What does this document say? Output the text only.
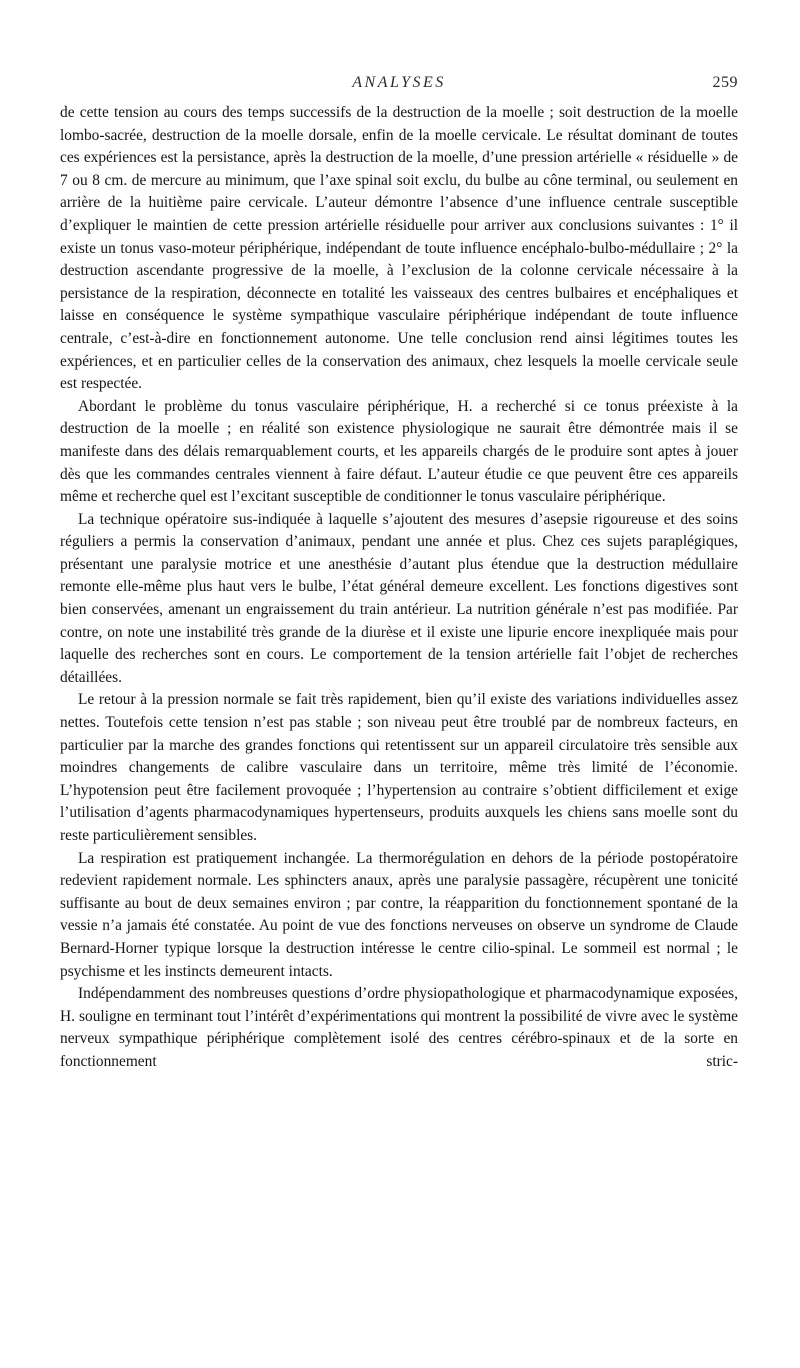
ANALYSES	259

de cette tension au cours des temps successifs de la destruction de la moelle ; soit destruction de la moelle lombo-sacrée, destruction de la moelle dorsale, enfin de la moelle cervicale. Le résultat dominant de toutes ces expériences est la persistance, après la destruction de la moelle, d’une pression artérielle « résiduelle » de 7 ou 8 cm. de mercure au minimum, que l’axe spinal soit exclu, du bulbe au cône terminal, ou seulement en arrière de la huitième paire cervicale. L’auteur démontre l’absence d’une influence centrale susceptible d’expliquer le maintien de cette pression artérielle résiduelle pour arriver aux conclusions suivantes : 1° il existe un tonus vaso-moteur périphérique, indépendant de toute influence encéphalo-bulbo-médullaire ; 2° la destruction ascendante progressive de la moelle, à l’exclusion de la colonne cervicale nécessaire à la persistance de la respiration, déconnecte en totalité les vaisseaux des centres bulbaires et encéphaliques et laisse en conséquence le système sympathique vasculaire périphérique indépendant de toute influence centrale, c’est-à-dire en fonctionnement autonome. Une telle conclusion rend ainsi légitimes toutes les expériences, et en particulier celles de la conservation des animaux, chez lesquels la moelle cervicale seule est respectée.

Abordant le problème du tonus vasculaire périphérique, H. a recherché si ce tonus préexiste à la destruction de la moelle ; en réalité son existence physiologique ne saurait être démontrée mais il se manifeste dans des délais remarquablement courts, et les appareils chargés de le produire sont aptes à jouer dès que les commandes centrales viennent à faire défaut. L’auteur étudie ce que peuvent être ces appareils même et recherche quel est l’excitant susceptible de conditionner le tonus vasculaire périphérique.

La technique opératoire sus-indiquée à laquelle s’ajoutent des mesures d’asepsie rigoureuse et des soins réguliers a permis la conservation d’animaux, pendant une année et plus. Chez ces sujets paraplégiques, présentant une paralysie motrice et une anesthésie d’autant plus étendue que la destruction médullaire remonte elle-même plus haut vers le bulbe, l’état général demeure excellent. Les fonctions digestives sont bien conservées, amenant un engraissement du train antérieur. La nutrition générale n’est pas modifiée. Par contre, on note une instabilité très grande de la diurèse et il existe une lipurie encore inexpliquée mais pour laquelle des recherches sont en cours. Le comportement de la tension artérielle fait l’objet de recherches détaillées.

Le retour à la pression normale se fait très rapidement, bien qu’il existe des variations individuelles assez nettes. Toutefois cette tension n’est pas stable ; son niveau peut être troublé par de nombreux facteurs, en particulier par la marche des grandes fonctions qui retentissent sur un appareil circulatoire très sensible aux moindres changements de calibre vasculaire dans un territoire, même très limité de l’économie. L’hypotension peut être facilement provoquée ; l’hypertension au contraire s’obtient difficilement et exige l’utilisation d’agents pharmacodynamiques hypertenseurs, produits auxquels les chiens sans moelle sont du reste particulièrement sensibles.

La respiration est pratiquement inchangée. La thermorégulation en dehors de la période postopératoire redevient rapidement normale. Les sphincters anaux, après une paralysie passagère, récupèrent une tonicité suffisante au bout de deux semaines environ ; par contre, la réapparition du fonctionnement spontané de la vessie n’a jamais été constatée. Au point de vue des fonctions nerveuses on observe un syndrome de Claude Bernard-Horner typique lorsque la destruction intéresse le centre cilio-spinal. Le sommeil est normal ; le psychisme et les instincts demeurent intacts.

Indépendamment des nombreuses questions d’ordre physiopathologique et pharmacodynamique exposées, H. souligne en terminant tout l’intérêt d’expérimentations qui montrent la possibilité de vivre avec le système nerveux sympathique périphérique complètement isolé des centres cérébro-spinaux et de la sorte en fonctionnement stric-
